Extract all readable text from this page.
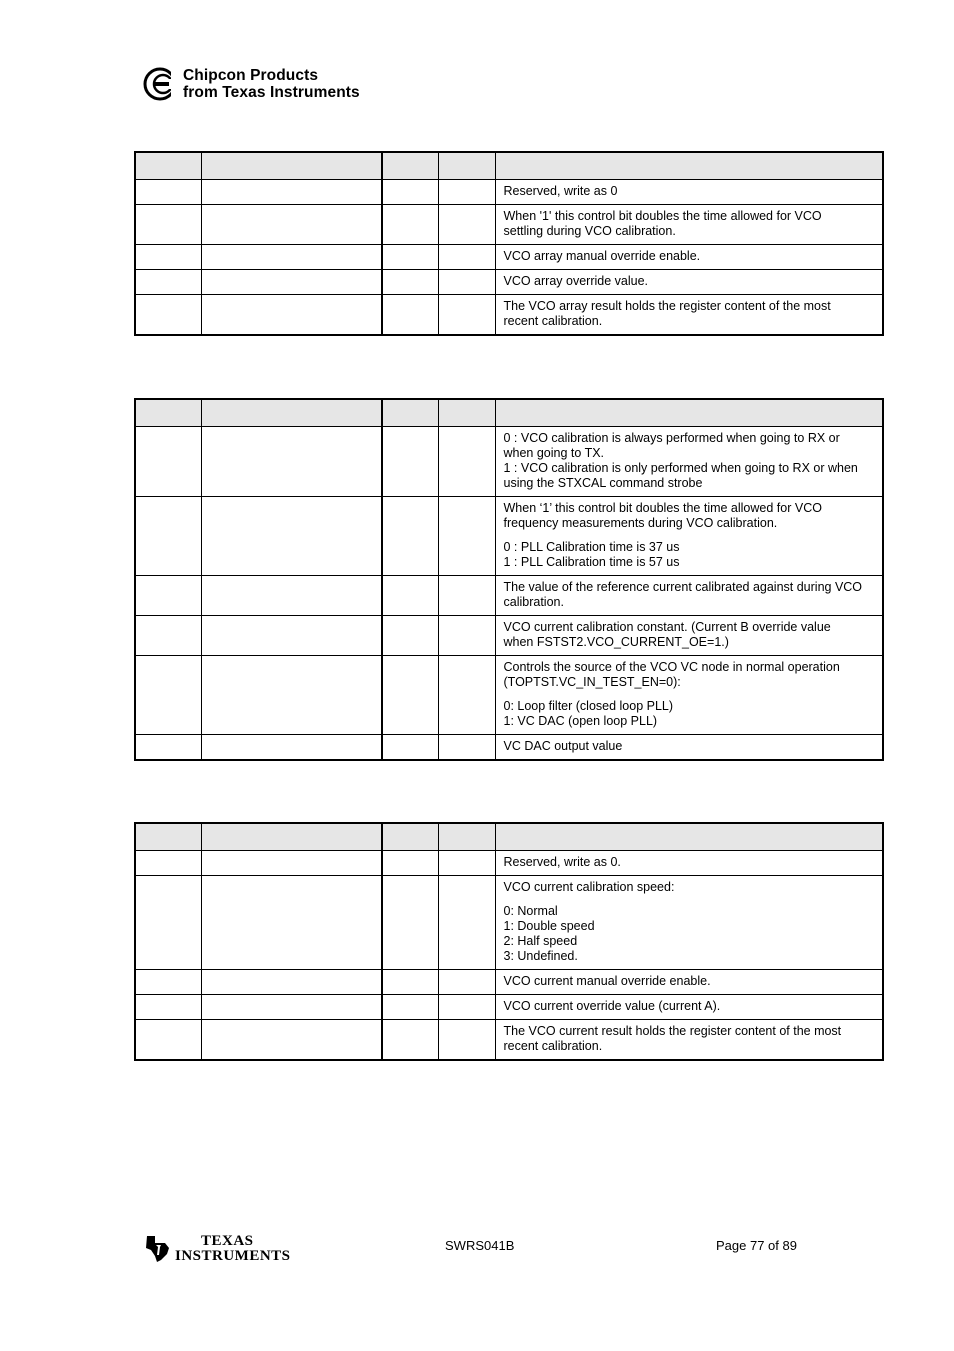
Chipcon Products
from Texas Instruments

				Reserved, write as 0

				When '1' this control bit doubles the time allowed for VCO
settling during VCO calibration.

				VCO array manual override enable.

				VCO array override value.

				The VCO array result holds the register content of the most
recent calibration.

				0 : VCO calibration is always performed when going to RX or
when going to TX.
1 : VCO calibration is only performed when going to RX or when
using the STXCAL command strobe

				When ‘1’ this control bit doubles the time allowed for VCO
frequency measurements during VCO calibration.
0 : PLL Calibration time is 37 us
1 : PLL Calibration time is 57 us

				The value of the reference current calibrated against during VCO
calibration.

				VCO current calibration constant. (Current B override value
when FSTST2.VCO_CURRENT_OE=1.)

				Controls the source of the VCO VC node in normal operation
(TOPTST.VC_IN_TEST_EN=0):
0: Loop filter (closed loop PLL)
1: VC DAC (open loop PLL)

				VC DAC output value

				Reserved, write as 0.

				VCO current calibration speed:
0: Normal
1: Double speed
2: Half speed
3: Undefined.

				VCO current manual override enable.

				VCO current override value (current A).

				The VCO current result holds the register content of the most
recent calibration.
TEXAS
INSTRUMENTS
SWRS041B	Page 77 of 89
